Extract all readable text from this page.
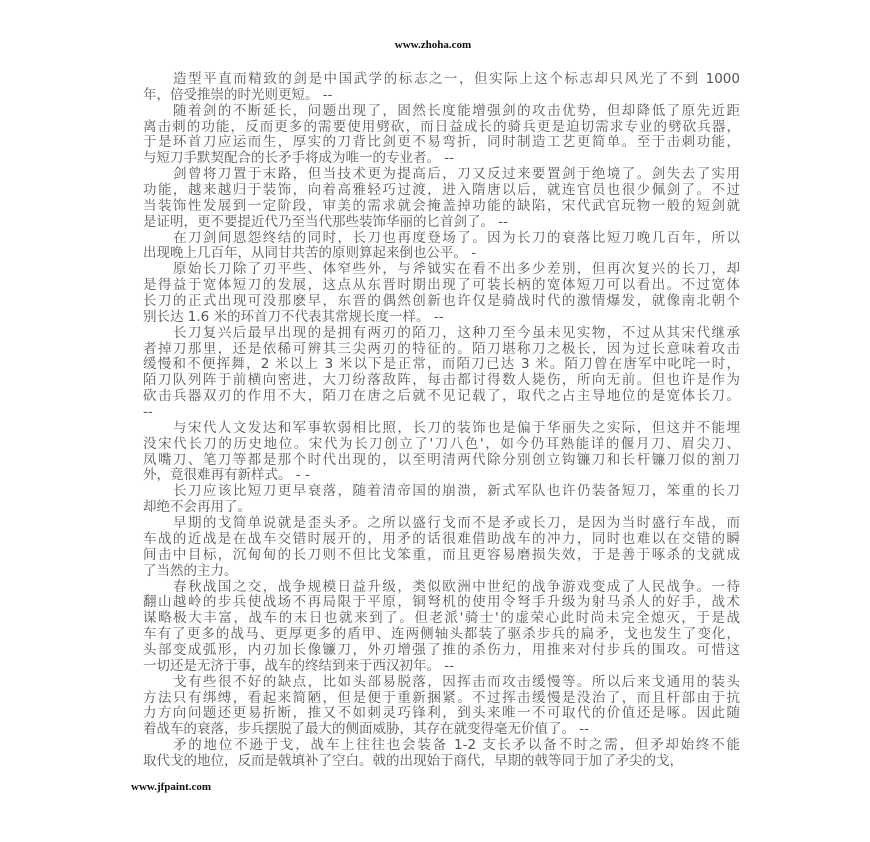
www.zhoha.com
造型平直而精致的剑是中国武学的标志之一，但实际上这个标志却只风光了不到 1000
年，倍受推崇的时光则更短。 --
随着剑的不断延长，问题出现了，固然长度能增强剑的攻击优势，但却降低了原先近距
离击刺的功能，反而更多的需要使用劈砍，而日益成长的骑兵更是迫切需求专业的劈砍兵器，
于是环首刀应运而生，厚实的刀背比剑更不易弯折，同时制造工艺更简单。至于击刺功能，
与短刀手默契配合的长矛手将成为唯一的专业者。 --
剑曾将刀置于末路，但当技术更为提高后，刀又反过来要置剑于绝境了。剑失去了实用
功能，越来越归于装饰，向着高雅轻巧过渡，进入隋唐以后，就连官员也很少佩剑了。不过
当装饰性发展到一定阶段，审美的需求就会掩盖掉功能的缺陷，宋代武官玩物一般的短剑就
是证明，更不要提近代乃至当代那些装饰华丽的匕首剑了。 --
在刀剑间恩怨终结的同时，长刀也再度登场了。因为长刀的衰落比短刀晚几百年，所以
出现晚上几百年，从同甘共苦的原则算起来倒也公平。 -
原始长刀除了刃平些、体窄些外，与斧钺实在看不出多少差别，但再次复兴的长刀，却
是得益于宽体短刀的发展，这点从东晋时期出现了可装长柄的宽体短刀可以看出。不过宽体
长刀的正式出现可没那麽早，东晋的偶然创新也许仅是骑战时代的激情爆发，就像南北朝个
别长达 1.6 米的环首刀不代表其常规长度一样。 --
长刀复兴后最早出现的是拥有两刃的陌刀，这种刀至今虽未见实物，不过从其宋代继承
者掉刀那里，还是依稀可辨其三尖两刃的特征的。陌刀堪称刀之极长，因为过长意味着攻击
缓慢和不便挥舞，2 米以上 3 米以下是正常，而陌刀已达 3 米。陌刀曾在唐军中叱咤一时，
陌刀队列阵于前横向密进，大刀纷落敌阵，每击都讨得数人毙伤，所向无前。但也许是作为
砍击兵器双刃的作用不大，陌刀在唐之后就不见记载了，取代之占主导地位的是宽体长刀。
--
与宋代人文发达和军事软弱相比照，长刀的装饰也是偏于华丽失之实际，但这并不能埋
没宋代长刀的历史地位。宋代为长刀创立了'刀八色'，如今仍耳熟能详的偃月刀、眉尖刀、
凤嘴刀、笔刀等都是那个时代出现的，以至明清两代除分别创立钩镰刀和长杆镰刀似的割刀
外，竟很难再有新样式。 - -
长刀应该比短刀更早衰落，随着清帝国的崩溃，新式军队也许仍装备短刀，笨重的长刀
却绝不会再用了。
早期的戈简单说就是歪头矛。之所以盛行戈而不是矛或长刀，是因为当时盛行车战，而
车战的近战是在战车交错时展开的，用矛的话很难借助战车的冲力，同时也难以在交错的瞬
间击中目标，沉甸甸的长刀则不但比戈笨重，而且更容易磨损失效，于是善于啄杀的戈就成
了当然的主力。
春秋战国之交，战争规模日益升级，类似欧洲中世纪的战争游戏变成了人民战争。一待
翻山越岭的步兵使战场不再局限于平原，铜弩机的使用令弩手升级为射马杀人的好手，战术
谋略极大丰富，战车的末日也就来到了。但老派'骑士'的虚荣心此时尚未完全熄灭，于是战
车有了更多的战马、更厚更多的盾甲、连两侧轴头都装了驱杀步兵的扁矛，戈也发生了变化，
头部变成弧形，内刃加长像镰刀，外刃增强了推的杀伤力，用推来对付步兵的围攻。可惜这
一切还是无济于事，战车的终结到来于西汉初年。 --
戈有些很不好的缺点，比如头部易脱落，因挥击而攻击缓慢等。所以后来戈通用的装头
方法只有绑缚，看起来简陋，但是便于重新捆紧。不过挥击缓慢是没治了，而且杆部由于抗
力方向问题还更易折断，推又不如刺灵巧锋利，到头来唯一不可取代的价值还是啄。因此随
着战车的衰落，步兵摆脱了最大的侧面威胁，其存在就变得毫无价值了。 --
矛的地位不逊于戈，战车上往往也会装备 1-2 支长矛以备不时之需，但矛却始终不能
取代戈的地位，反而是戟填补了空白。戟的出现始于商代，早期的戟等同于加了矛尖的戈，
www.jfpaint.com
